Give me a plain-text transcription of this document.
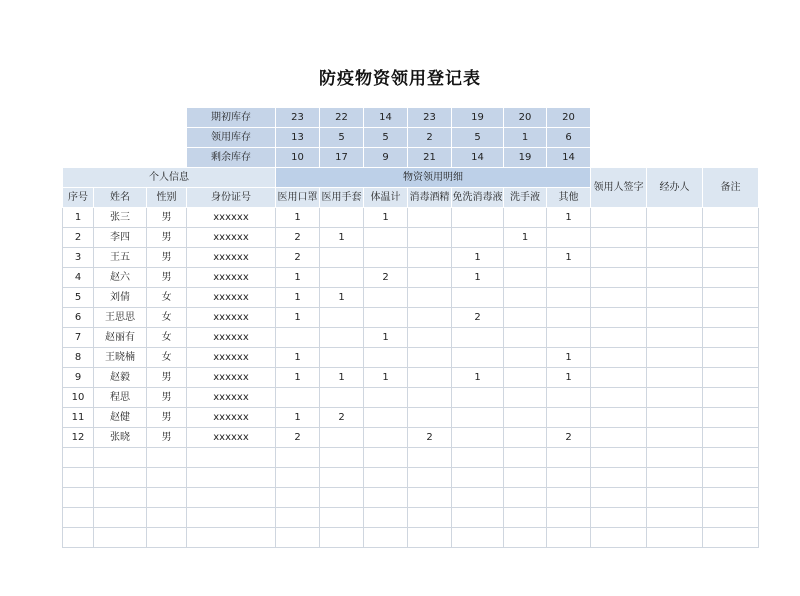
防疫物资领用登记表
			期初库存	23	22	14	23	19	20	20			
			领用库存	13	5	5	2	5	1	6			
			剩余库存	10	17	9	21	14	19	14			
个人信息				物资领用明细							领用人签字	经办人	备注
序号	姓名	性别	身份证号	医用口罩	医用手套	体温计	消毒酒精	免洗消毒液	洗手液	其他			
1	张三	男	xxxxxx	1		1				1			
2	李四	男	xxxxxx	2	1				1				
3	王五	男	xxxxxx	2				1		1			
4	赵六	男	xxxxxx	1		2		1					
5	刘倩	女	xxxxxx	1	1								
6	王思思	女	xxxxxx	1				2					
7	赵丽有	女	xxxxxx			1							
8	王晓楠	女	xxxxxx	1						1			
9	赵毅	男	xxxxxx	1	1	1		1		1			
10	程思	男	xxxxxx										
11	赵健	男	xxxxxx	1	2								
12	张晓	男	xxxxxx	2			2			2			
